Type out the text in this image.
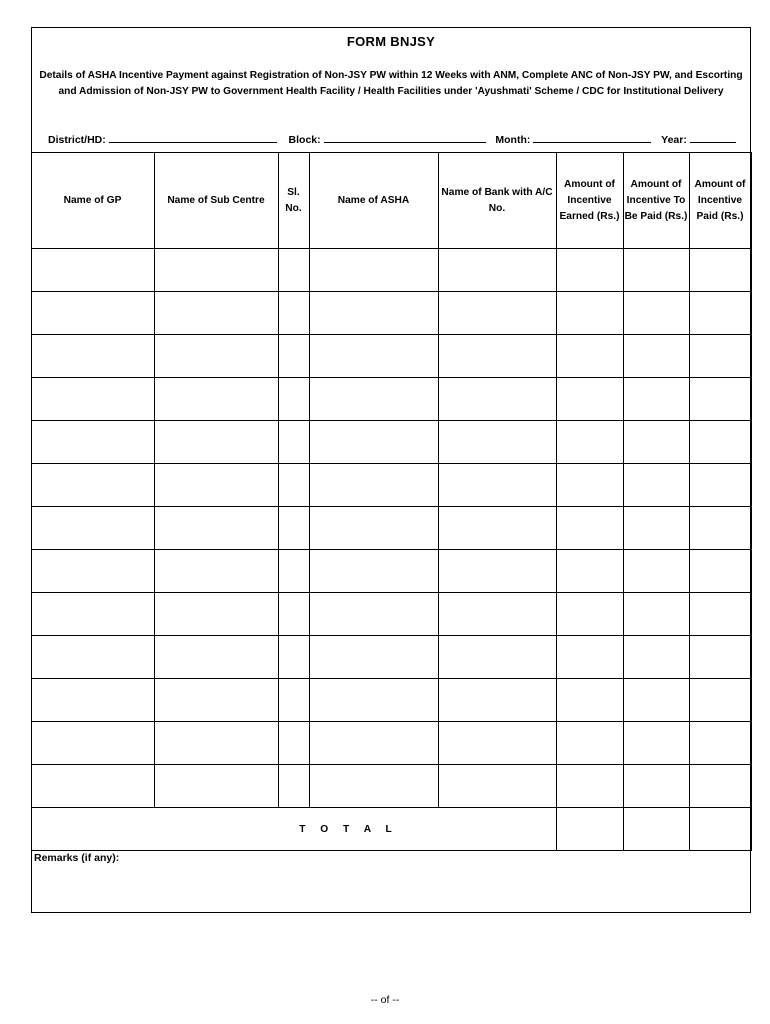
FORM BNJSY
Details of ASHA Incentive Payment against Registration of Non-JSY PW within 12 Weeks with ANM, Complete ANC of Non-JSY PW, and Escorting and Admission of Non-JSY PW to Government Health Facility / Health Facilities under 'Ayushmati' Scheme / CDC for Institutional Delivery
District/HD:	Block:	Month:	Year:
Name of GP	Name of Sub Centre	Sl. No.	Name of ASHA	Name of Bank with A/C No.	Amount of Incentive Earned (Rs.)	Amount of Incentive To Be Paid (Rs.)	Amount of Incentive Paid (Rs.)

T O T A L							
Remarks (if any):
-- of --
